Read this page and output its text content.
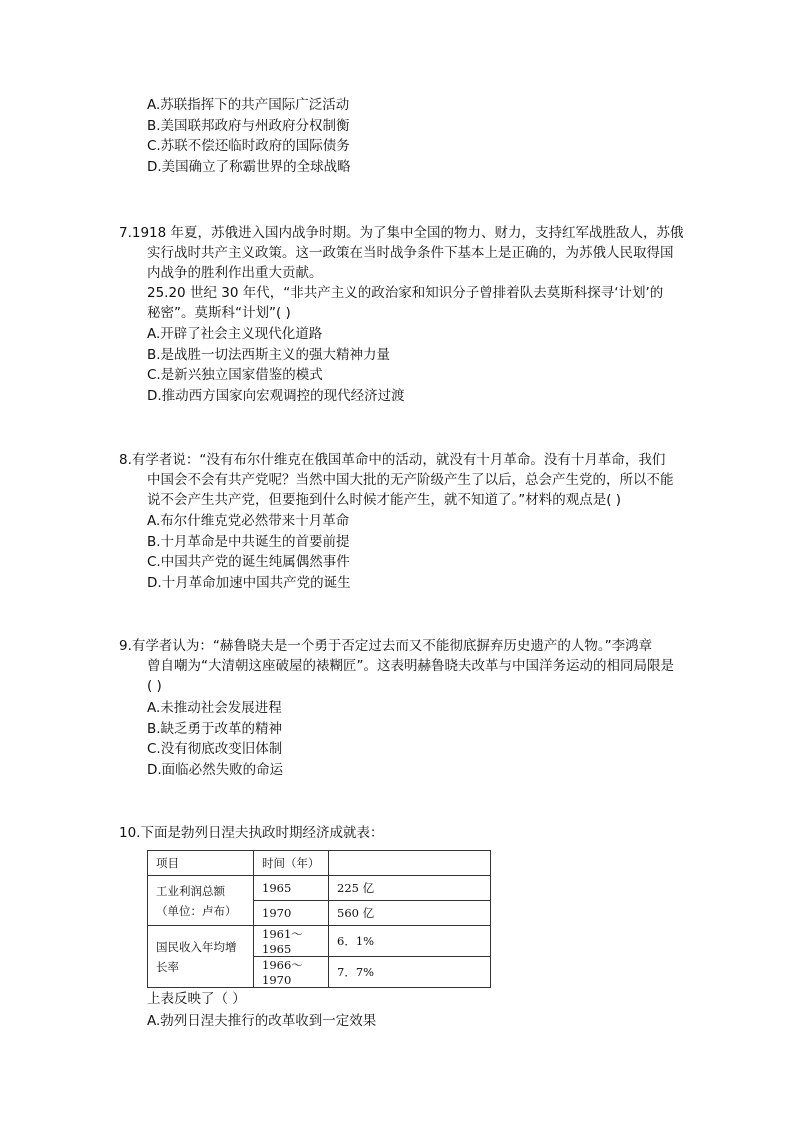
A.苏联指挥下的共产国际广泛活动
B.美国联邦政府与州政府分权制衡
C.苏联不偿还临时政府的国际债务
D.美国确立了称霸世界的全球战略
7.1918 年夏，苏俄进入国内战争时期。为了集中全国的物力、财力，支持红军战胜敌人，苏俄
实行战时共产主义政策。这一政策在当时战争条件下基本上是正确的，为苏俄人民取得国
内战争的胜利作出重大贡献。
25.20 世纪 30 年代，“非共产主义的政治家和知识分子曾排着队去莫斯科探寻‘计划’的
秘密”。莫斯科“计划”( )
A.开辟了社会主义现代化道路
B.是战胜一切法西斯主义的强大精神力量
C.是新兴独立国家借鉴的模式
D.推动西方国家向宏观调控的现代经济过渡
8.有学者说：“没有布尔什维克在俄国革命中的活动，就没有十月革命。没有十月革命，我们
中国会不会有共产党呢？当然中国大批的无产阶级产生了以后，总会产生党的，所以不能
说不会产生共产党，但要拖到什么时候才能产生，就不知道了。”材料的观点是( )
A.布尔什维克党必然带来十月革命
B.十月革命是中共诞生的首要前提
C.中国共产党的诞生纯属偶然事件
D.十月革命加速中国共产党的诞生
9.有学者认为：“赫鲁晓夫是一个勇于否定过去而又不能彻底摒弃历史遗产的人物。”李鸿章
曾自嘲为“大清朝这座破屋的裱糊匠”。这表明赫鲁晓夫改革与中国洋务运动的相同局限是
( )
A.未推动社会发展进程
B.缺乏勇于改革的精神
C.没有彻底改变旧体制
D.面临必然失败的命运
10.下面是勃列日涅夫执政时期经济成就表：
项目	时间（年）	
工业利润总额（单位：卢布）	1965	225 亿
	1970	560 亿
国民收入年均增长率	1961～1965	6．1%
	1966～1970	7．7%
上表反映了（ ）
A.勃列日涅夫推行的改革收到一定效果
